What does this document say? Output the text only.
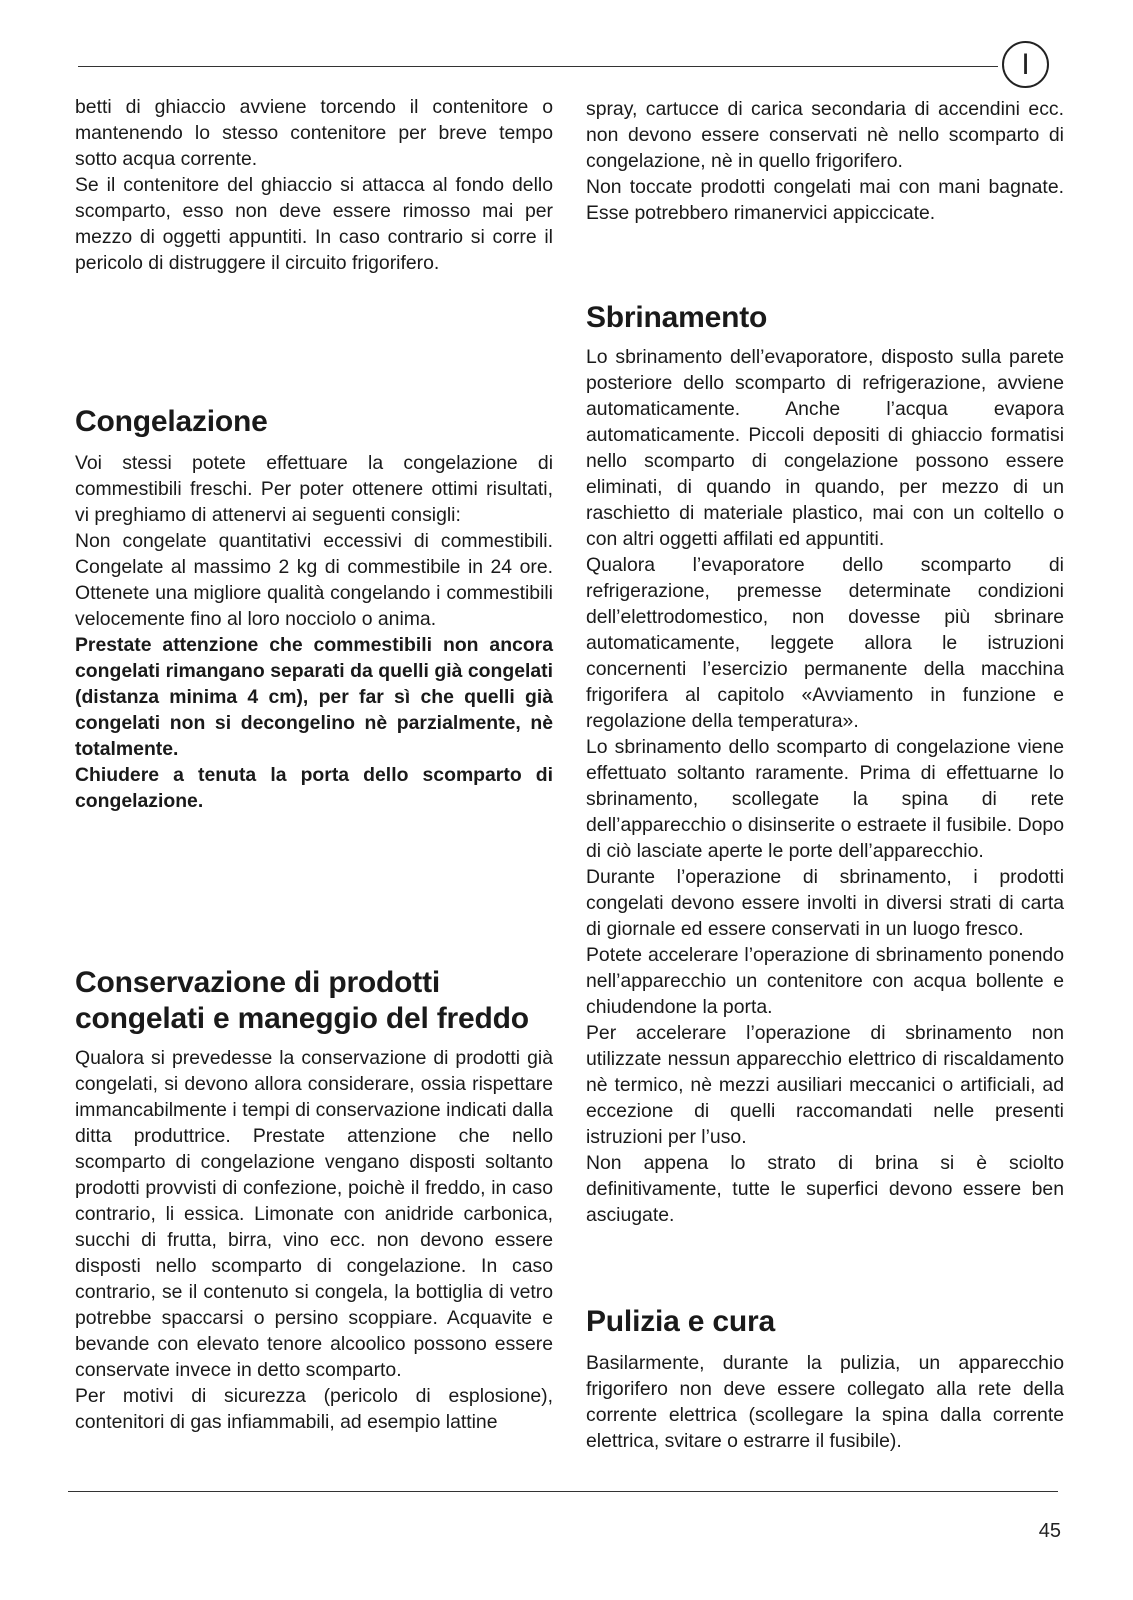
I

betti di ghiaccio avviene torcendo il contenitore o mantenendo lo stesso contenitore per breve tempo sotto acqua corrente.

Se il contenitore del ghiaccio si attacca al fondo dello scomparto, esso non deve essere rimosso mai per mezzo di oggetti appuntiti. In caso contrario si corre il pericolo di distruggere il circuito frigorifero.

Congelazione

Voi stessi potete effettuare la congelazione di commestibili freschi. Per poter ottenere ottimi risultati, vi preghiamo di attenervi ai seguenti consigli:

Non congelate quantitativi eccessivi di commestibili. Congelate al massimo 2 kg di commestibile in 24 ore. Ottenete una migliore qualità congelando i commestibili velocemente fino al loro nocciolo o anima.

Prestate attenzione che commestibili non ancora congelati rimangano separati da quelli già congelati (distanza minima 4 cm), per far sì che quelli già congelati non si decongelino nè parzialmente, nè totalmente.

Chiudere a tenuta la porta dello scomparto di congelazione.

Conservazione di prodotti congelati e maneggio del freddo

Qualora si prevedesse la conservazione di prodotti già congelati, si devono allora considerare, ossia rispettare immancabilmente i tempi di conservazione indicati dalla ditta produttrice. Prestate attenzione che nello scomparto di congelazione vengano disposti soltanto prodotti provvisti di confezione, poichè il freddo, in caso contrario, li essica. Limonate con anidride carbonica, succhi di frutta, birra, vino ecc. non devono essere disposti nello scomparto di congelazione. In caso contrario, se il contenuto si congela, la bottiglia di vetro potrebbe spaccarsi o persino scoppiare. Acquavite e bevande con elevato tenore alcoolico possono essere conservate invece in detto scomparto.

Per motivi di sicurezza (pericolo di esplosione), contenitori di gas infiammabili, ad esempio lattine

spray, cartucce di carica secondaria di accendini ecc. non devono essere conservati nè nello scomparto di congelazione, nè in quello frigorifero.

Non toccate prodotti congelati mai con mani bagnate. Esse potrebbero rimanervici appiccicate.

Sbrinamento

Lo sbrinamento dell’evaporatore, disposto sulla parete posteriore dello scomparto di refrigerazione, avviene automaticamente. Anche l’acqua evapora automaticamente. Piccoli depositi di ghiaccio formatisi nello scomparto di congelazione possono essere eliminati, di quando in quando, per mezzo di un raschietto di materiale plastico, mai con un coltello o con altri oggetti affilati ed appuntiti.

Qualora l’evaporatore dello scomparto di refrigerazione, premesse determinate condizioni dell’elettrodomestico, non dovesse più sbrinare automaticamente, leggete allora le istruzioni concernenti l’esercizio permanente della macchina frigorifera al capitolo «Avviamento in funzione e regolazione della temperatura».

Lo sbrinamento dello scomparto di congelazione viene effettuato soltanto raramente. Prima di effettuarne lo sbrinamento, scollegate la spina di rete dell’apparecchio o disinserite o estraete il fusibile. Dopo di ciò lasciate aperte le porte dell’apparecchio.

Durante l’operazione di sbrinamento, i prodotti congelati devono essere involti in diversi strati di carta di giornale ed essere conservati in un luogo fresco.

Potete accelerare l’operazione di sbrinamento ponendo nell’apparecchio un contenitore con acqua bollente e chiudendone la porta.

Per accelerare l’operazione di sbrinamento non utilizzate nessun apparecchio elettrico di riscaldamento nè termico, nè mezzi ausiliari meccanici o artificiali, ad eccezione di quelli raccomandati nelle presenti istruzioni per l’uso.

Non appena lo strato di brina si è sciolto definitivamente, tutte le superfici devono essere ben asciugate.

Pulizia e cura

Basilarmente, durante la pulizia, un apparecchio frigorifero non deve essere collegato alla rete della corrente elettrica (scollegare la spina dalla corrente elettrica, svitare o estrarre il fusibile).

45
